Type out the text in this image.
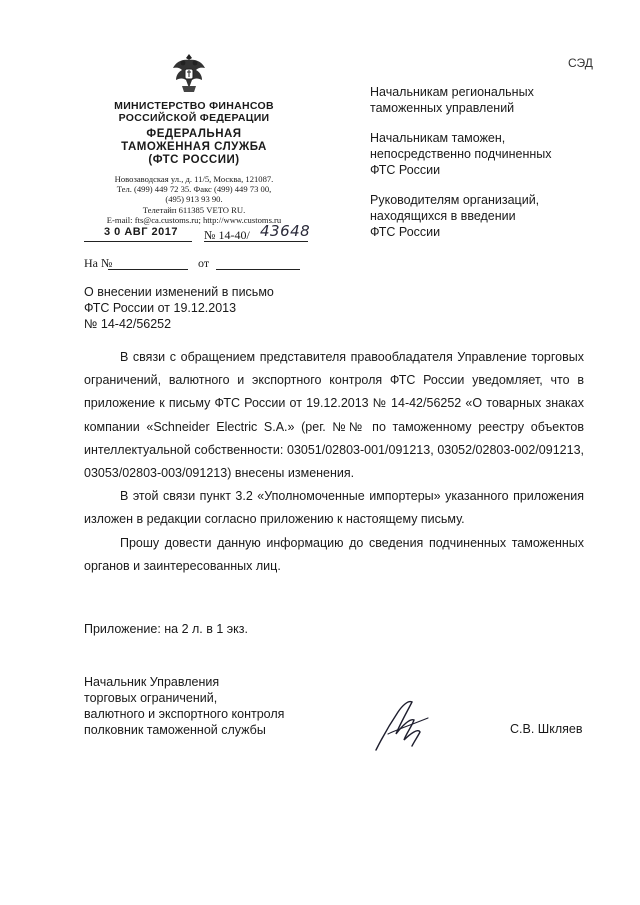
СЭД
МИНИСТЕРСТВО ФИНАНСОВ
РОССИЙСКОЙ ФЕДЕРАЦИИ
ФЕДЕРАЛЬНАЯ
ТАМОЖЕННАЯ СЛУЖБА
(ФТС РОССИИ)
Новозаводская ул., д. 11/5, Москва, 121087.
Тел. (499) 449 72 35. Факс (499) 449 73 00,
(495) 913 93 90.
Телетайп 611385 VETO RU.
E-mail: fts@ca.customs.ru; http://www.customs.ru
3 0 АВГ 2017 № 14-40/ 43648
На №	от
Начальникам региональных
таможенных управлений
Начальникам таможен,
непосредственно подчиненных
ФТС России
Руководителям организаций,
находящихся в введении
ФТС России
О внесении изменений в письмо
ФТС России от 19.12.2013
№ 14-42/56252

В связи с обращением представителя правообладателя Управление торговых ограничений, валютного и экспортного контроля ФТС России уведомляет, что в приложение к письму ФТС России от 19.12.2013 № 14-42/56252 «О товарных знаках компании «Schneider Electric S.A.» (рег. №№ по таможенному реестру объектов интеллектуальной собственности: 03051/02803-001/091213, 03052/02803-002/091213, 03053/02803-003/091213) внесены изменения.

В этой связи пункт 3.2 «Уполномоченные импортеры» указанного приложения изложен в редакции согласно приложению к настоящему письму.

Прошу довести данную информацию до сведения подчиненных таможенных органов и заинтересованных лиц.

Приложение: на 2 л. в 1 экз.
Начальник Управления
торговых ограничений,
валютного и экспортного контроля
полковник таможенной службы	С.В. Шкляев
